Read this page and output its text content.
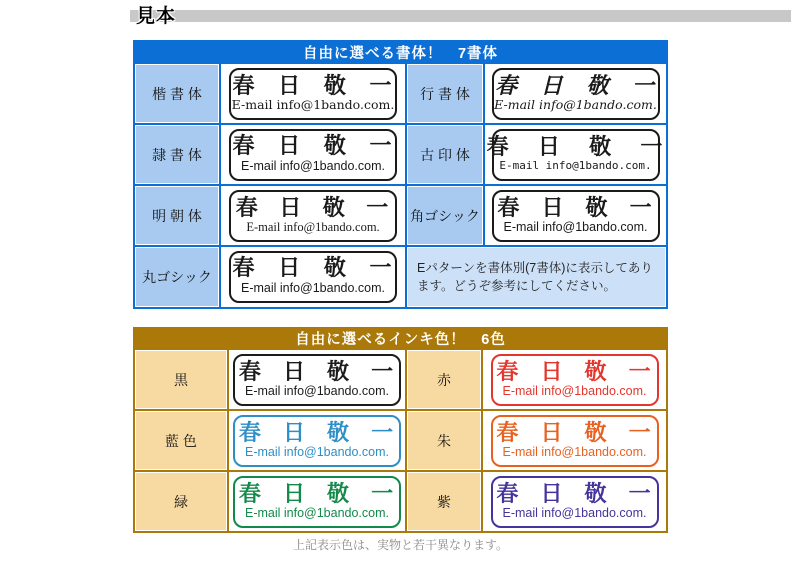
見本
自由に選べる書体！　7書体
楷 書 体	春 日 敬 一
E-mail info@1bando.com.
行 書 体	春 日 敬 一
E-mail info@1bando.com.
隷 書 体	春 日 敬 一
E-mail info@1bando.com.
古 印 体 春 日 敬 一
E-mail info@1bando.com.
明 朝 体	春 日 敬 一
E-mail info@1bando.com.
角ゴシック 春 日 敬 一
E-mail info@1bando.com.
丸ゴシック 春 日 敬 一
E-mail info@1bando.com.
Eパターンを書体別(7書体)に表示してあります。どうぞ参考にしてください。
自由に選べるインキ色！　6色
黒	春 日 敬 一
E-mail info@1bando.com.
赤	春 日 敬 一
E-mail info@1bando.com.
藍 色	春 日 敬 一
E-mail info@1bando.com.
朱	春 日 敬 一
E-mail info@1bando.com.
緑	春 日 敬 一
E-mail info@1bando.com.
紫	春 日 敬 一
E-mail info@1bando.com.
上記表示色は、実物と若干異なります。
